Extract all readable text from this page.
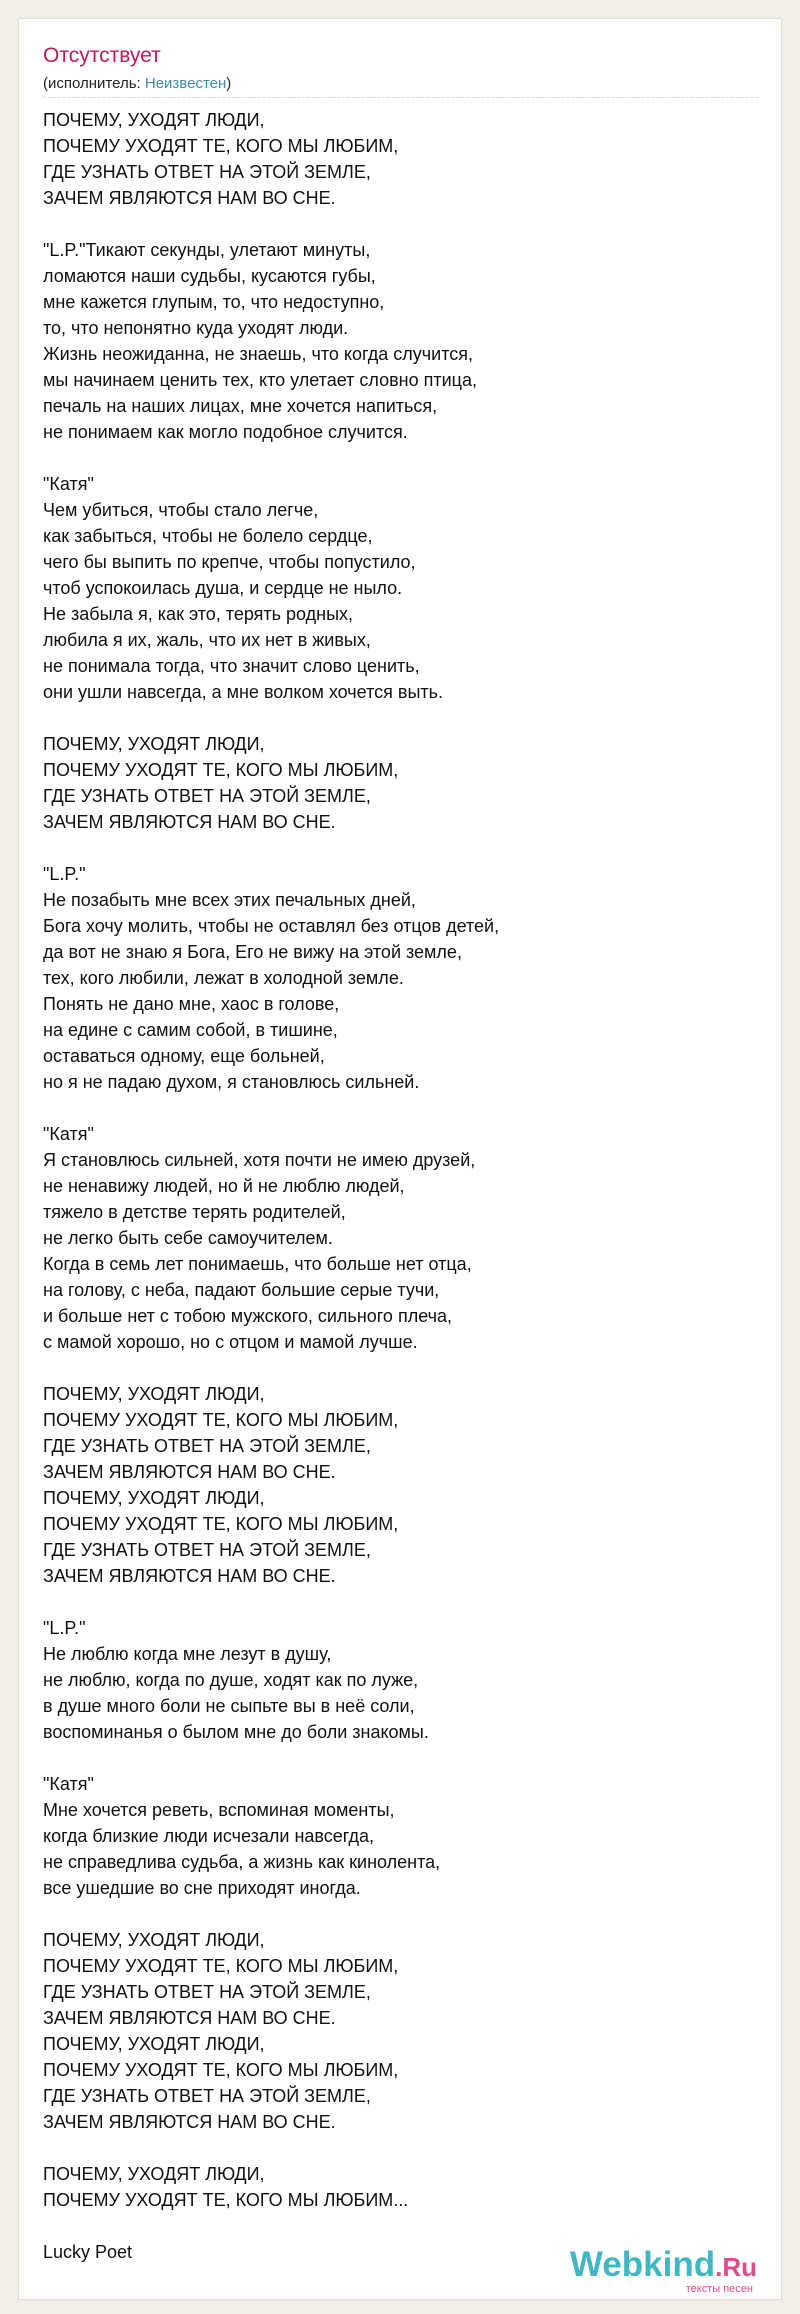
Отсутствует
(исполнитель: Неизвестен)
ПОЧЕМУ, УХОДЯТ ЛЮДИ,
ПОЧЕМУ УХОДЯТ ТЕ, КОГО МЫ ЛЮБИМ,
ГДЕ УЗНАТЬ ОТВЕТ НА ЭТОЙ ЗЕМЛЕ,
ЗАЧЕМ ЯВЛЯЮТСЯ НАМ ВО СНЕ.
"L.P."Тикают секунды, улетают минуты,
ломаются наши судьбы, кусаются губы,
мне кажется глупым, то, что недоступно,
то, что непонятно куда уходят люди.
Жизнь неожиданна, не знаешь, что когда случится,
мы начинаем ценить тех, кто улетает словно птица,
печаль на наших лицах, мне хочется напиться,
не понимаем как могло подобное случится.
"Катя"
Чем убиться, чтобы стало легче,
как забыться, чтобы не болело сердце,
чего бы выпить по крепче, чтобы попустило,
чтоб успокоилась душа, и сердце не ныло.
Не забыла я, как это, терять родных,
любила я их, жаль, что их нет в живых,
не понимала тогда, что значит слово ценить,
они ушли навсегда, а мне волком хочется выть.
ПОЧЕМУ, УХОДЯТ ЛЮДИ,
ПОЧЕМУ УХОДЯТ ТЕ, КОГО МЫ ЛЮБИМ,
ГДЕ УЗНАТЬ ОТВЕТ НА ЭТОЙ ЗЕМЛЕ,
ЗАЧЕМ ЯВЛЯЮТСЯ НАМ ВО СНЕ.
"L.P."
Не позабыть мне всех этих печальных дней,
Бога хочу молить, чтобы не оставлял без отцов детей,
да вот не знаю я Бога, Его не вижу на этой земле,
тех, кого любили, лежат в холодной земле.
Понять не дано мне, хаос в голове,
на едине с самим собой, в тишине,
оставаться одному, еще больней,
но я не падаю духом, я становлюсь сильней.
"Катя"
Я становлюсь сильней, хотя почти не имею друзей,
не ненавижу людей, но й не люблю людей,
тяжело в детстве терять родителей,
не легко быть себе самоучителем.
Когда в семь лет понимаешь, что больше нет отца,
на голову, с неба, падают большие серые тучи,
и больше нет с тобою мужского, сильного плеча,
с мамой хорошо, но с отцом и мамой лучше.
ПОЧЕМУ, УХОДЯТ ЛЮДИ,
ПОЧЕМУ УХОДЯТ ТЕ, КОГО МЫ ЛЮБИМ,
ГДЕ УЗНАТЬ ОТВЕТ НА ЭТОЙ ЗЕМЛЕ,
ЗАЧЕМ ЯВЛЯЮТСЯ НАМ ВО СНЕ.
ПОЧЕМУ, УХОДЯТ ЛЮДИ,
ПОЧЕМУ УХОДЯТ ТЕ, КОГО МЫ ЛЮБИМ,
ГДЕ УЗНАТЬ ОТВЕТ НА ЭТОЙ ЗЕМЛЕ,
ЗАЧЕМ ЯВЛЯЮТСЯ НАМ ВО СНЕ.
"L.P."
Не люблю когда мне лезут в душу,
не люблю, когда по душе, ходят как по луже,
в душе много боли не сыпьте вы в неё соли,
воспоминанья о былом мне до боли знакомы.
"Катя"
Мне хочется реветь, вспоминая моменты,
когда близкие люди исчезали навсегда,
не справедлива судьба, а жизнь как кинолента,
все ушедшие во сне приходят иногда.
ПОЧЕМУ, УХОДЯТ ЛЮДИ,
ПОЧЕМУ УХОДЯТ ТЕ, КОГО МЫ ЛЮБИМ,
ГДЕ УЗНАТЬ ОТВЕТ НА ЭТОЙ ЗЕМЛЕ,
ЗАЧЕМ ЯВЛЯЮТСЯ НАМ ВО СНЕ.
ПОЧЕМУ, УХОДЯТ ЛЮДИ,
ПОЧЕМУ УХОДЯТ ТЕ, КОГО МЫ ЛЮБИМ,
ГДЕ УЗНАТЬ ОТВЕТ НА ЭТОЙ ЗЕМЛЕ,
ЗАЧЕМ ЯВЛЯЮТСЯ НАМ ВО СНЕ.
ПОЧЕМУ, УХОДЯТ ЛЮДИ,
ПОЧЕМУ УХОДЯТ ТЕ, КОГО МЫ ЛЮБИМ...
Lucky Poet	Webkind.Ru
тексты песен
